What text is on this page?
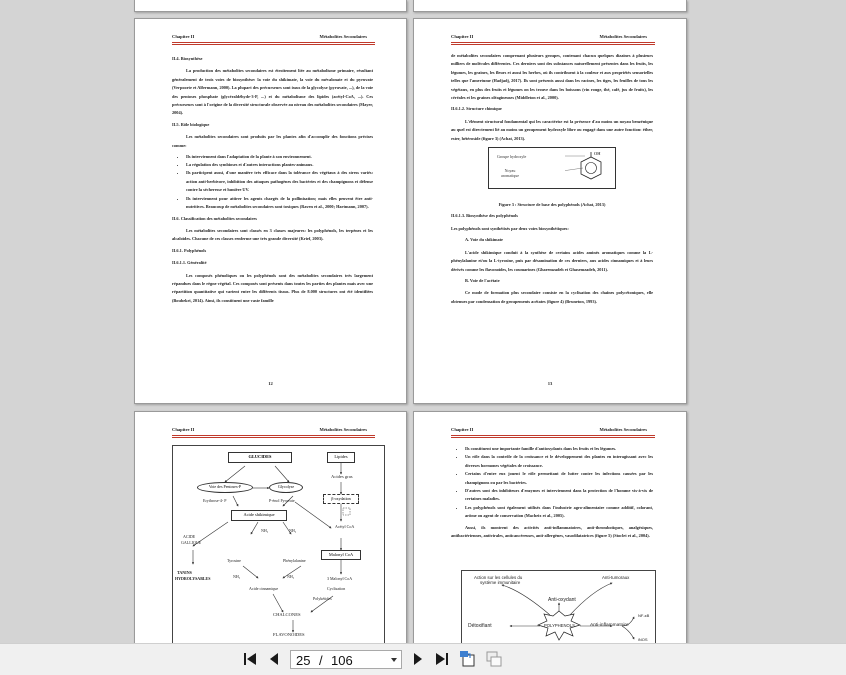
Chapitre II	Métabolites Secondaires

II.4. Biosynthèse

La production des métabolites secondaires est étroitement liée au métabolisme primaire, résultant généralement de trois voies de biosynthèse: la voie du shikimate, la voie du mévalonate et du pyruvate (Verpoorte et Alfermann, 2000). La plupart des précurseurs sont issus de la glycolyse (pyruvate, ...), de la voie des pentoses phosphate (glycéraldéhyde-3-P, ...) et du métabolisme des lipides (acétyl-CoA, ...). Ces précurseurs sont à l'origine de la diversité structurale observée au niveau des métabolites secondaires (Mayer, 2004).

II.5. Rôle biologique

Les métabolites secondaires sont produits par les plantes afin d'accomplir des fonctions précises comme:

• Ils interviennent dans l'adaptation de la plante à son environnement.
• La régulation des symbioses et d'autres interactions plantes-animaux.
• Ils participent aussi, d'une manière très efficace dans la tolérance des végétaux à des stress variés: action anti-herbivore, inhibition des attaques pathogènes des bactéries et des champignons et défense contre la sécheresse et lumière UV.
• Ils interviennent pour attirer les agents chargés de la pollinisation; mais elles peuvent être anti-nutritives. Beaucoup de métabolites secondaires sont toxiques (Raven et al., 2000; Hartmann, 2007).

II.6. Classification des métabolites secondaires

Les métabolites secondaires sont classés en 3 classes majeures: les polyphénols, les terpènes et les alcaloïdes. Chacune de ces classes renferme une très grande diversité (Krief, 2003).

II.6.1. Polyphénols

II.6.1.1. Généralité

Les composés phénoliques ou les polyphénols sont des métabolites secondaires très largement répandues dans le règne végétal. Ces composés sont présents dans toutes les parties des plantes mais avec une répartition quantitative qui varient entre les différents tissus. Plus de 8.000 structures ont été identifiées (Boubekri, 2014). Ainsi, ils constituent une vaste famille

12
Chapitre II	Métabolites Secondaires

de métabolites secondaires comprenant plusieurs groupes, contenant chacun quelques dizaines à plusieurs milliers de molécules différentes. Ces derniers sont des substances naturellement présentes dans les fruits, les légumes, les graines, les fleurs et aussi les herbes, où ils contribuent à la couleur et aux propriétés sensorielles telles que l'amertume (Hadjadj, 2017). Ils sont présents aussi dans les racines, les tiges, les feuilles de tous les végétaux, en plus des fruits et légumes on les trouve dans les boissons (vin rouge, thé, café, jus de fruits), les céréales et les graines oléagineuses (Middleton et al., 2000).

II.6.1.2. Structure chimique

L'élément structural fondamental qui les caractérise est la présence d'au moins un noyau benzénique au quel est directement lié au moins un groupement hydroxyle libre ou engagé dans une autre fonction: éther, ester, hétéroside (figure 3) (Achat, 2013).

Groupe hydroxyle
Noyau
aromatique
OH

Figure 3 : Structure de base des polyphénols (Achat, 2013)

II.6.1.3. Biosynthèse des polyphénols

Les polyphénols sont synthétisés par deux voies biosynthétiques:

A. Voie du shikimate

L'acide shikimique conduit à la synthèse de certains acides aminés aromatiques comme la L-phénylalanine et/ou la L-tyrosine, puis par désamination de ces derniers, aux acides cinnamiques et à leurs dérivés comme les flavonoïdes, les coumarines (Gharemzadeh et Ghasemzadeh, 2011).

B. Voie de l'acétate

Ce mode de formation plus secondaire consiste en la cyclisation des chaînes polycétoniques, elle obtenues par condensation de groupements acétates (figure 4) (Bruneton, 1993).

13
Chapitre II	Métabolites Secondaires
GLUCIDES	Lipides
Voie des Pentoses-P	Glycolyse
Acides gras
Erythrose-4- P	P-énol Pyruvate	β-oxydation
Acide shikimique
Acétyl CoA
ACIDE
GALLIQUE
NH₂	NH₂
Malonyl CoA
Tyrosine	Phénylalanine
TANINS
HYDROLYSABLES	NH₃	NH₃	3 Malonyl CoA
Acide cinnamique	Cyclisation
Polykétides
CHALCONES
FLAVONOIDES
Chapitre II	Métabolites Secondaires
• Ils constituent une importante famille d'antioxydants dans les fruits et les légumes.
• Un rôle dans la contrôle de la croissance et le développement des plantes en interagissant avec les diverses hormones végétales de croissance.
• Certains d'entre eux jouent le rôle permettant de lutter contre les infections causées par les champignons ou par les bactéries.
• D'autres sont des inhibiteurs d'enzymes et interviennent dans la protection de l'homme vis-à-vis de certaines maladies.
• Les polyphénols sont également utilisés dans l'industrie agro-alimentaire comme additif, colorant, arôme ou agent de conservation (Macheix et al., 2005).

Aussi, ils montrent des activités anti-inflammatoires, anti-thrombotiques, analgésiques, antibactériennes, antivirales, anticancéreuses, anti-allergènes, vasodilatatrices (figure 5) (Stoclet et al., 2004).

Action sur les cellules du
système immunitaire
Anti-tumoraux
Anti-oxydant
Détoxifiant	POLYPHENOLS	Anti-inflammatoire
NF-κB
iNOS
25 / 106
